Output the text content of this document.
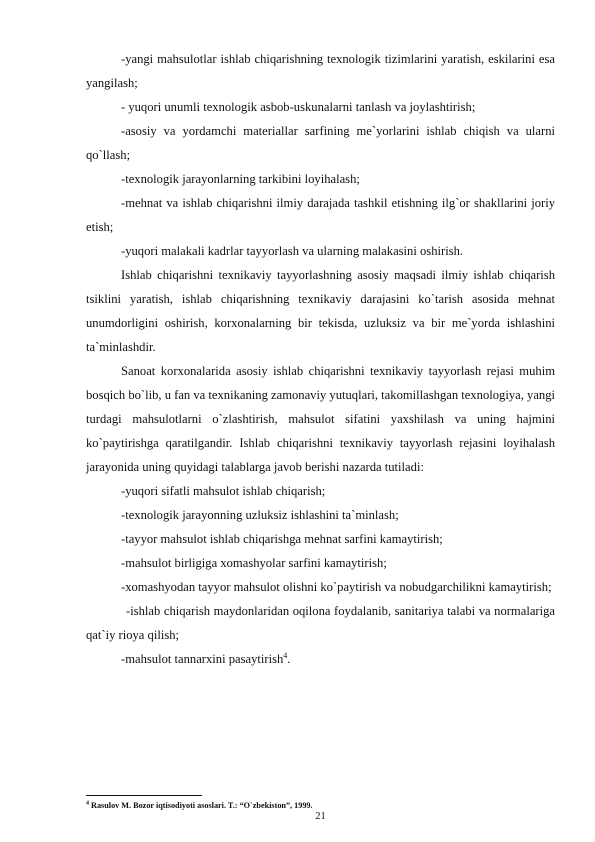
-yangi mahsulotlar ishlab chiqarishning texnologik tizimlarini yaratish, eskilarini esa yangilash;

- yuqori unumli texnologik asbob-uskunalarni tanlash va joylashtirish;

-asosiy va yordamchi materiallar sarfining me`yorlarini ishlab chiqish va ularni qo`llash;

-texnologik jarayonlarning tarkibini loyihalash;

-mehnat va ishlab chiqarishni ilmiy darajada tashkil etishning ilg`or shakllarini joriy etish;

-yuqori malakali kadrlar tayyorlash va ularning malakasini oshirish.

Ishlab chiqarishni texnikaviy tayyorlashning asosiy maqsadi ilmiy ishlab chiqarish tsiklini yaratish, ishlab chiqarishning texnikaviy darajasini ko`tarish asosida mehnat unumdorligini oshirish, korxonalarning bir tekisda, uzluksiz va bir me`yorda ishlashini ta`minlashdir.

Sanoat korxonalarida asosiy ishlab chiqarishni texnikaviy tayyorlash rejasi muhim bosqich bo`lib, u fan va texnikaning zamonaviy yutuqlari, takomillashgan texnologiya, yangi turdagi mahsulotlarni o`zlashtirish, mahsulot sifatini yaxshilash va uning hajmini ko`paytirishga qaratilgandir. Ishlab chiqarishni texnikaviy tayyorlash rejasini loyihalash jarayonida uning quyidagi talablarga javob berishi nazarda tutiladi:

-yuqori sifatli mahsulot ishlab chiqarish;

-texnologik jarayonning uzluksiz ishlashini ta`minlash;

-tayyor mahsulot ishlab chiqarishga mehnat sarfini kamaytirish;

-mahsulot birligiga xomashyolar sarfini kamaytirish;

-xomashyodan tayyor mahsulot olishni ko`paytirish va nobudgarchilikni kamaytirish;

-ishlab chiqarish maydonlaridan oqilona foydalanib, sanitariya talabi va normalariga qat`iy rioya qilish;

-mahsulot tannarxini pasaytirish$^4$.

$^4$ Rasulov M. Bozor iqtisodiyoti asoslari. T.: “O`zbekiston”, 1999.
21
